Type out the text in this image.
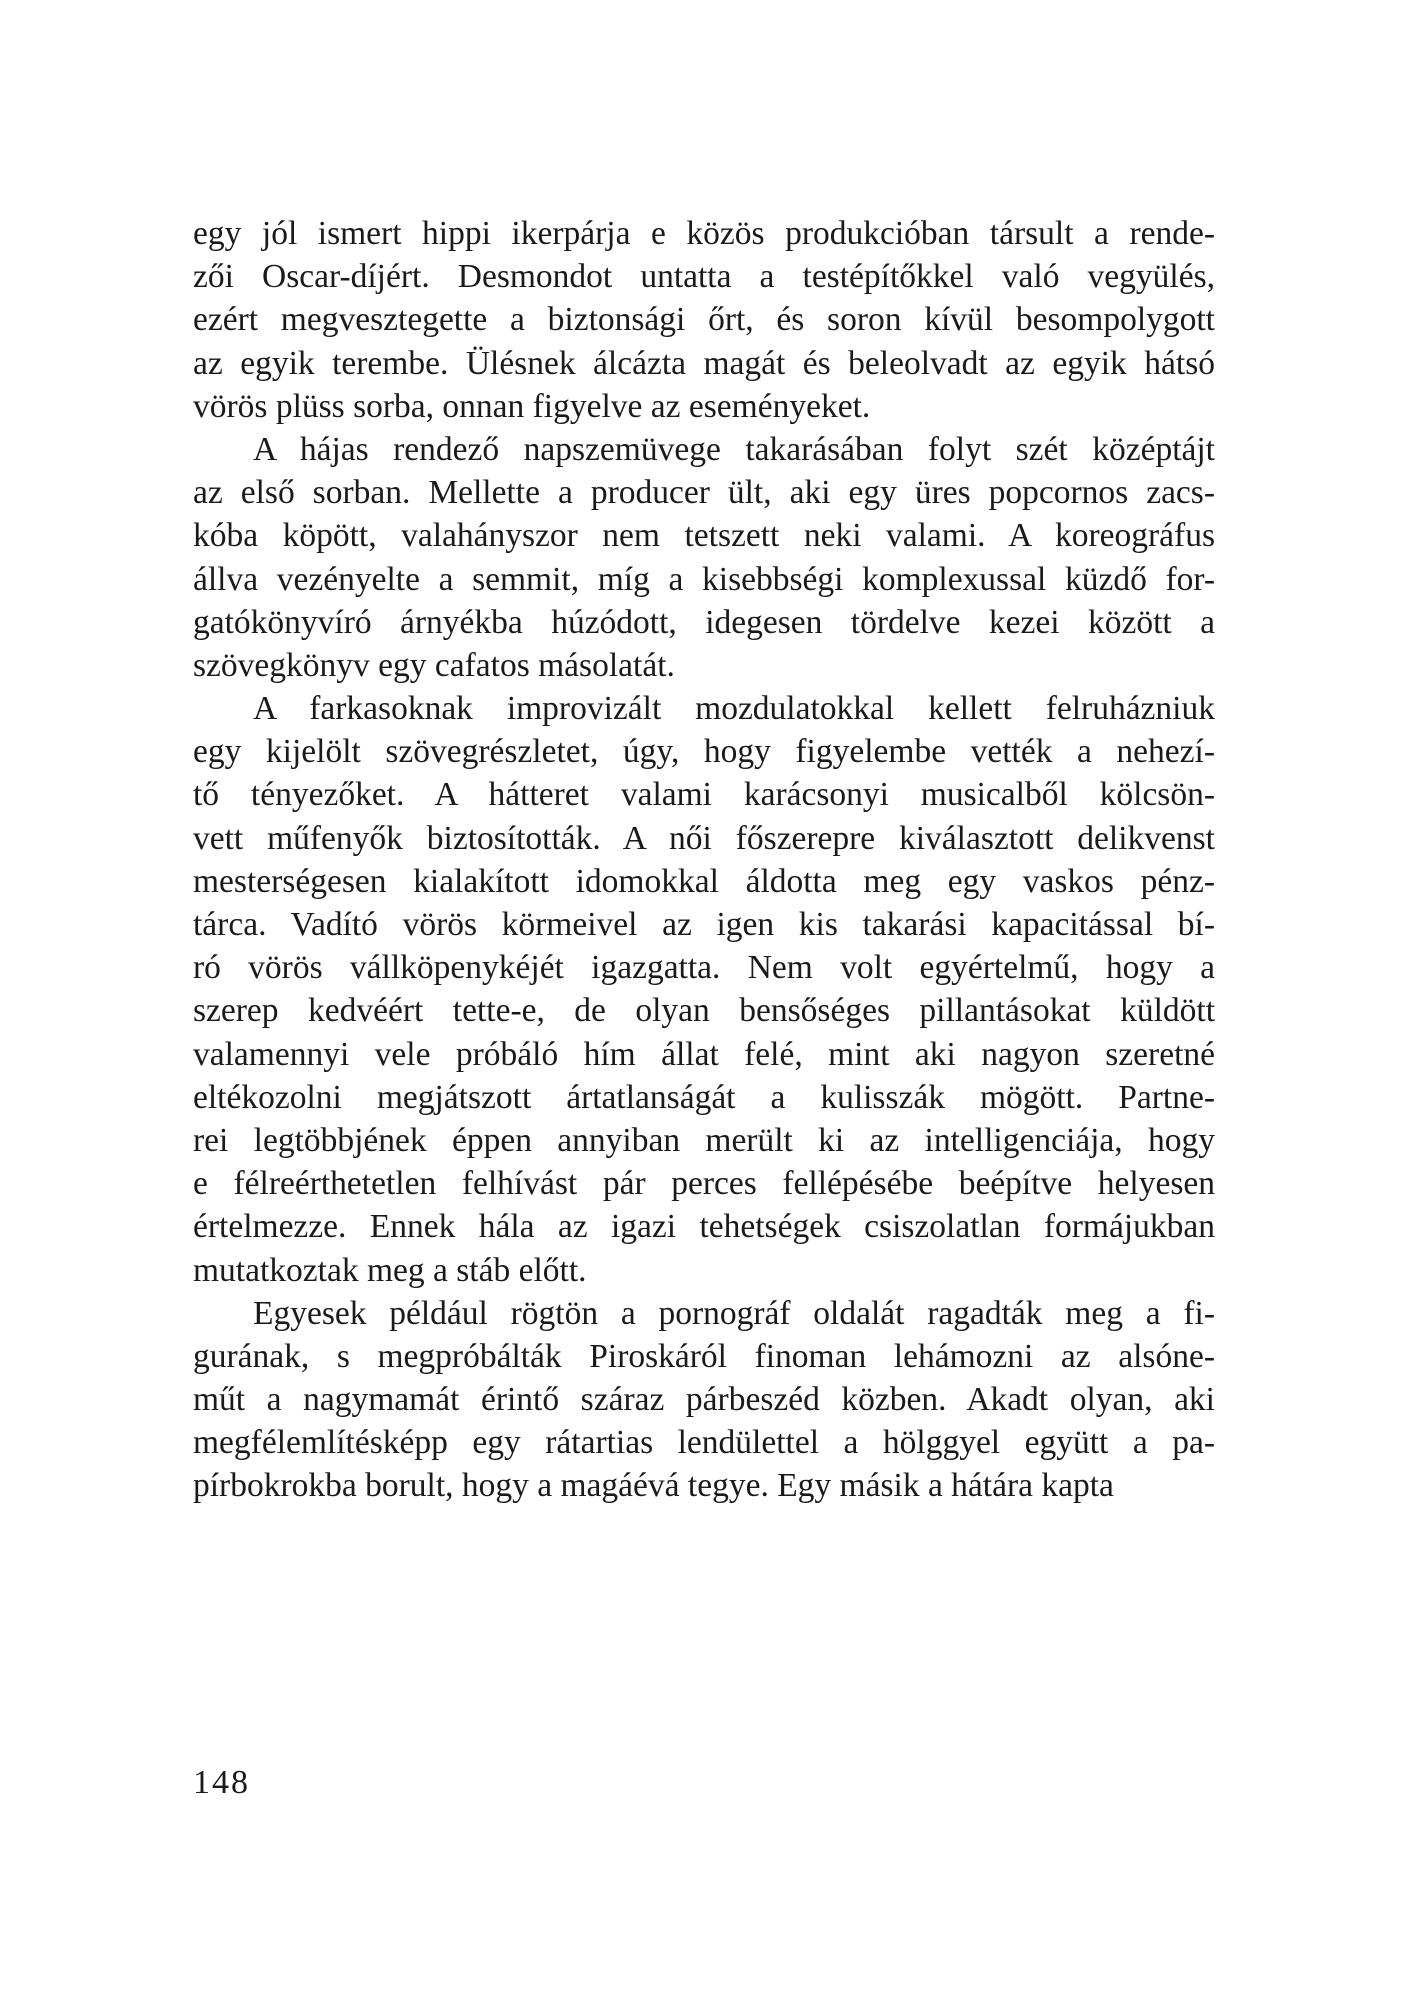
egy jól ismert hippi ikerpárja e közös produkcióban társult a rende-
zői Oscar-díjért. Desmondot untatta a testépítőkkel való vegyülés,
ezért megvesztegette a biztonsági őrt, és soron kívül besompolygott
az egyik terembe. Ülésnek álcázta magát és beleolvadt az egyik hátsó
vörös plüss sorba, onnan figyelve az eseményeket.
A hájas rendező napszemüvege takarásában folyt szét középtájt
az első sorban. Mellette a producer ült, aki egy üres popcornos zacs-
kóba köpött, valahányszor nem tetszett neki valami. A koreográfus
állva vezényelte a semmit, míg a kisebbségi komplexussal küzdő for-
gatókönyvíró árnyékba húzódott, idegesen tördelve kezei között a
szövegkönyv egy cafatos másolatát.
A farkasoknak improvizált mozdulatokkal kellett felruházniuk
egy kijelölt szövegrészletet, úgy, hogy figyelembe vették a nehezí-
tő tényezőket. A hátteret valami karácsonyi musicalből kölcsön-
vett műfenyők biztosították. A női főszerepre kiválasztott delikvenst
mesterségesen kialakított idomokkal áldotta meg egy vaskos pénz-
tárca. Vadító vörös körmeivel az igen kis takarási kapacitással bí-
ró vörös vállköpenykéjét igazgatta. Nem volt egyértelmű, hogy a
szerep kedvéért tette-e, de olyan bensőséges pillantásokat küldött
valamennyi vele próbáló hím állat felé, mint aki nagyon szeretné
eltékozolni megjátszott ártatlanságát a kulisszák mögött. Partne-
rei legtöbbjének éppen annyiban merült ki az intelligenciája, hogy
e félreérthetetlen felhívást pár perces fellépésébe beépítve helyesen
értelmezze. Ennek hála az igazi tehetségek csiszolatlan formájukban
mutatkoztak meg a stáb előtt.
Egyesek például rögtön a pornográf oldalát ragadták meg a fi-
gurának, s megpróbálták Piroskáról finoman lehámozni az alsóne-
műt a nagymamát érintő száraz párbeszéd közben. Akadt olyan, aki
megfélemlítésképp egy rátartias lendülettel a hölggyel együtt a pa-
pírbokrokba borult, hogy a magáévá tegye. Egy másik a hátára kapta
148
